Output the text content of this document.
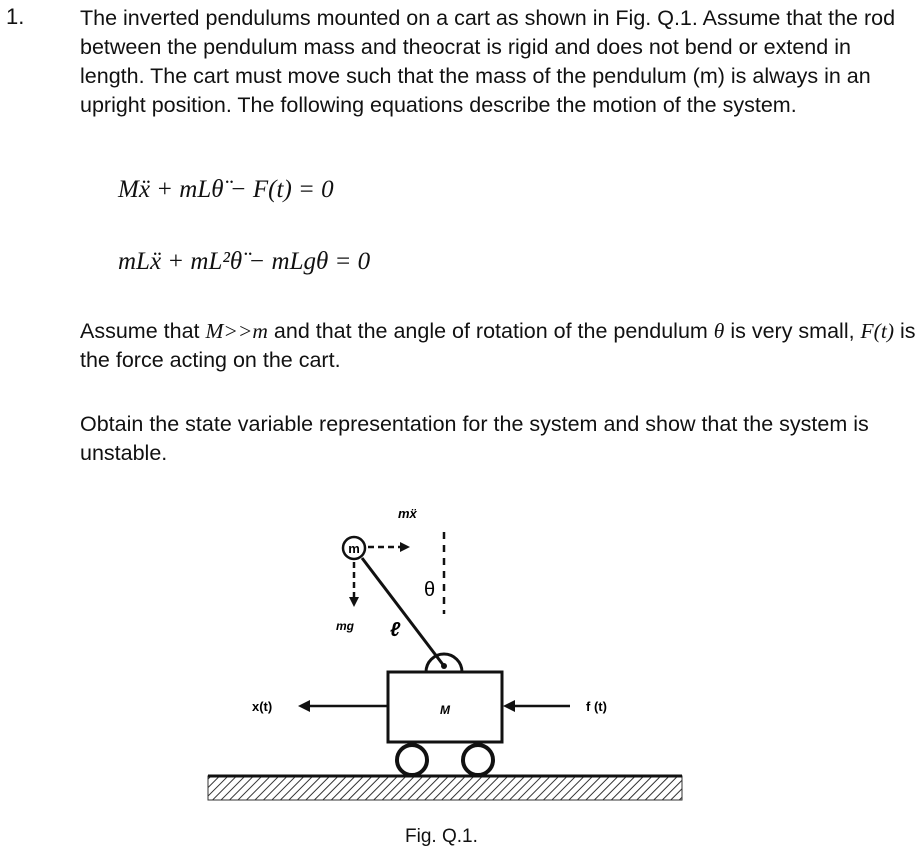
1.	The inverted pendulums mounted on a cart as shown in Fig. Q.1. Assume that the rod between the pendulum mass and theocrat is rigid and does not bend or extend in length. The cart must move such that the mass of the pendulum (m) is always in an upright position. The following equations describe the motion of the system.

Mẍ + mLθ̈ − F(t) = 0
mLẍ + mL²θ̈ − mLgθ = 0

Assume that M>>m and that the angle of rotation of the pendulum θ is very small, F(t) is the force acting on the cart.

Obtain the state variable representation for the system and show that the system is unstable.

m
mẍ
mg
θ
ℓ
M
x(t)	f (t)
Fig. Q.1.
